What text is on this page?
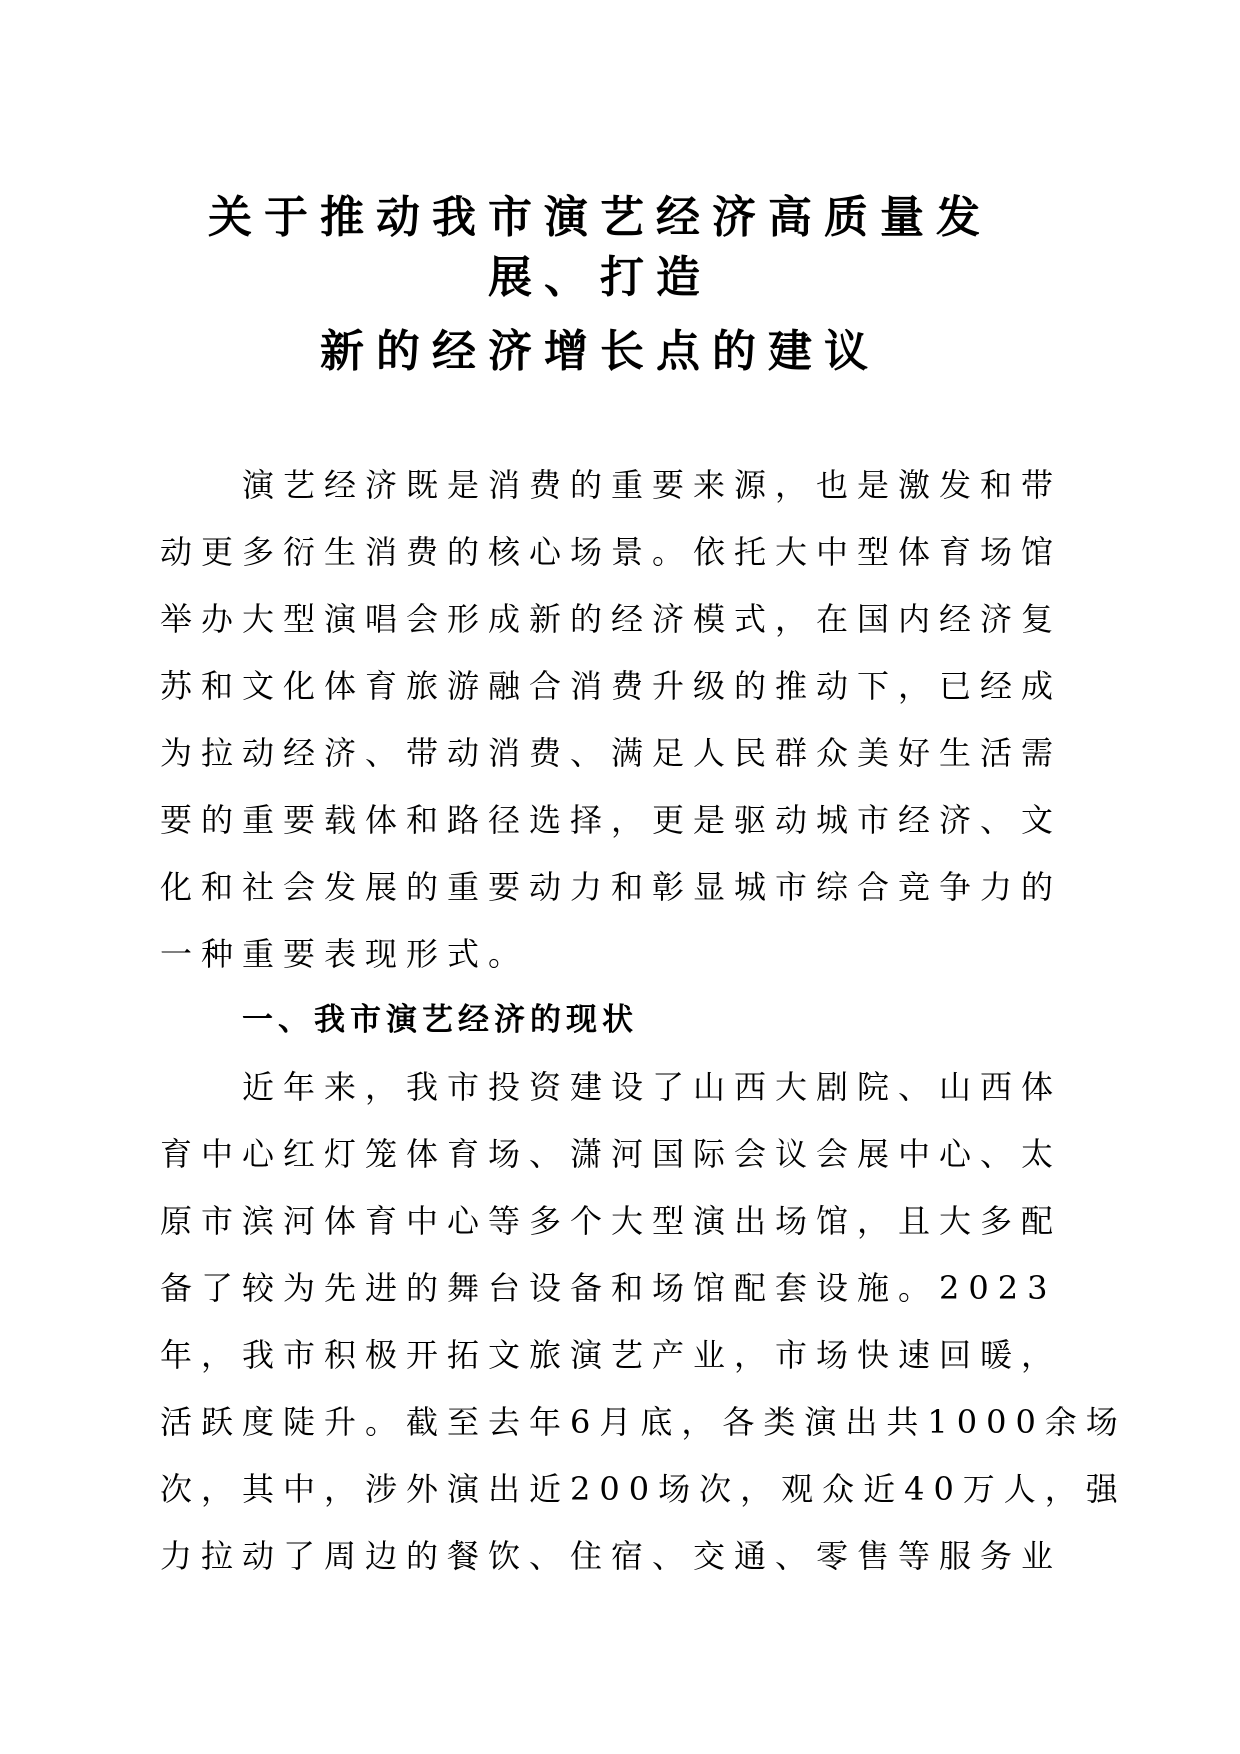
关于推动我市演艺经济高质量发
展、打造
新的经济增长点的建议
演艺经济既是消费的重要来源，也是激发和带
动更多衍生消费的核心场景。依托大中型体育场馆
举办大型演唱会形成新的经济模式，在国内经济复
苏和文化体育旅游融合消费升级的推动下，已经成
为拉动经济、带动消费、满足人民群众美好生活需
要的重要载体和路径选择，更是驱动城市经济、文
化和社会发展的重要动力和彰显城市综合竞争力的
一种重要表现形式。
一、我市演艺经济的现状
近年来，我市投资建设了山西大剧院、山西体
育中心红灯笼体育场、潇河国际会议会展中心、太
原市滨河体育中心等多个大型演出场馆，且大多配
备了较为先进的舞台设备和场馆配套设施。2023
年，我市积极开拓文旅演艺产业，市场快速回暖，
活跃度陡升。截至去年6月底，各类演出共1000余场
次，其中，涉外演出近200场次，观众近40万人，强
力拉动了周边的餐饮、住宿、交通、零售等服务业
